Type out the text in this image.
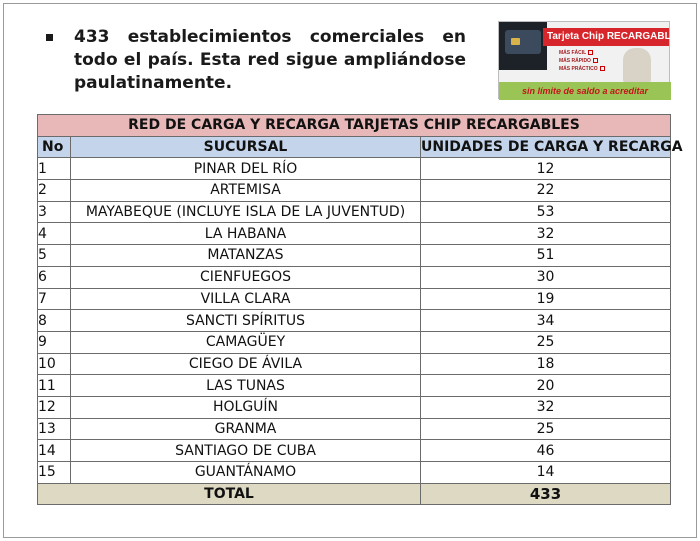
433 establecimientos comerciales en todo el país. Esta red sigue ampliándose paulatinamente.
Tarjeta Chip RECARGABLE
MÁS FÁCIL
MÁS RÁPIDO
MÁS PRÁCTICO
sin límite de saldo a acreditar
RED DE CARGA Y RECARGA TARJETAS CHIP RECARGABLES		
No	SUCURSAL	UNIDADES DE CARGA Y RECARGA
1	PINAR DEL RÍO	12
2	ARTEMISA	22
3	MAYABEQUE (INCLUYE ISLA DE LA JUVENTUD)	53
4	LA HABANA	32
5	MATANZAS	51
6	CIENFUEGOS	30
7	VILLA CLARA	19
8	SANCTI SPÍRITUS	34
9	CAMAGÜEY	25
10	CIEGO DE ÁVILA	18
11	LAS TUNAS	20
12	HOLGUÍN	32
13	GRANMA	25
14	SANTIAGO DE CUBA	46
15	GUANTÁNAMO	14
TOTAL		433
